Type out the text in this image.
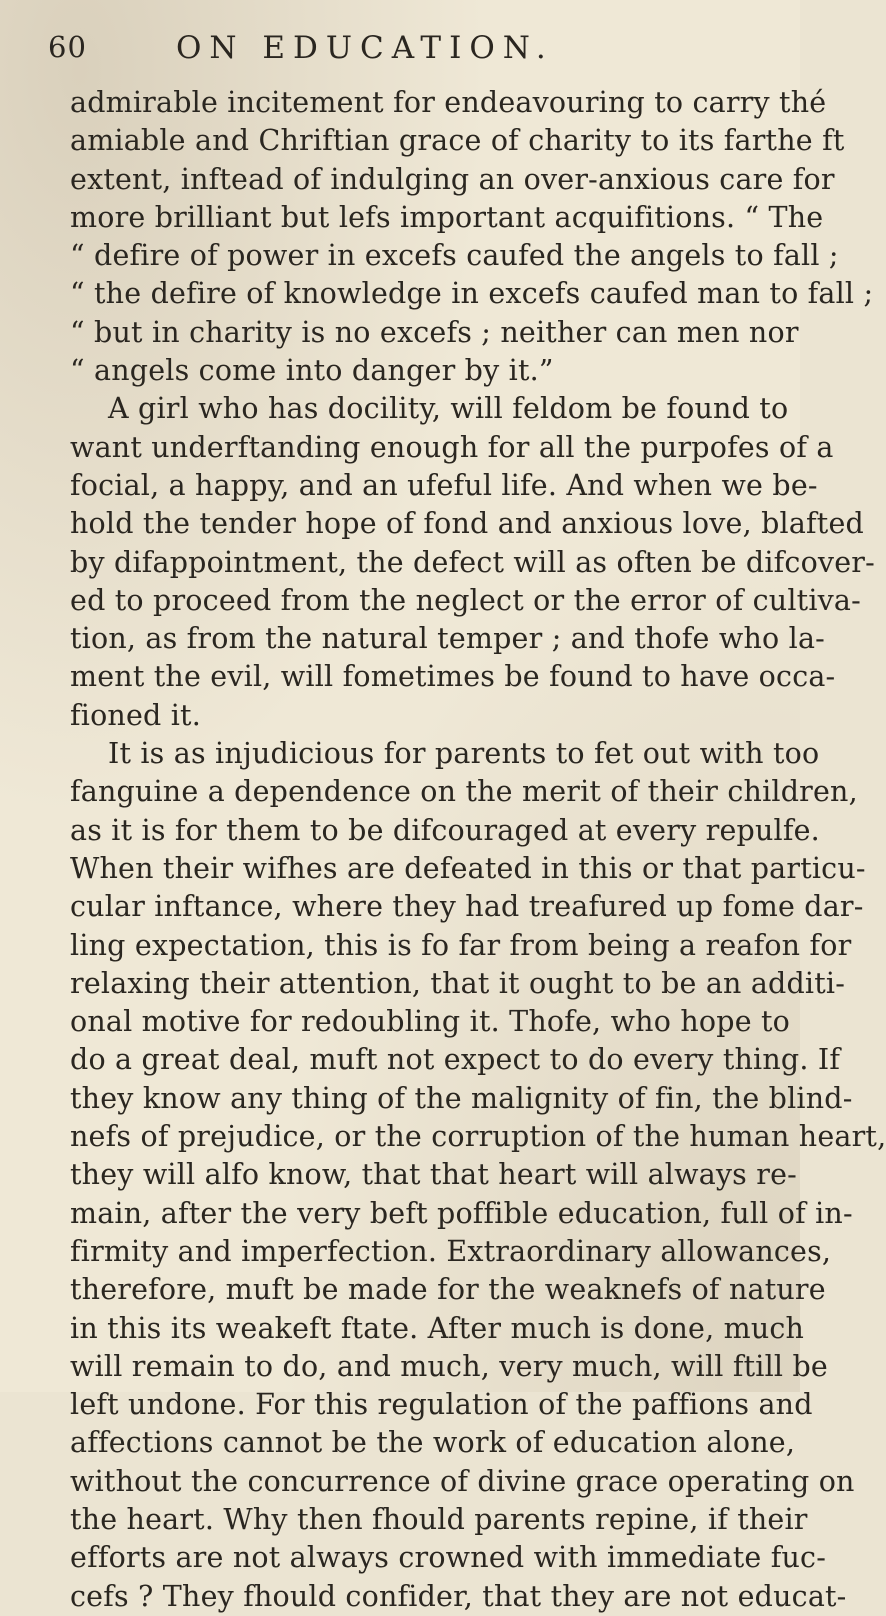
60	ON EDUCATION.
admirable incitement for endeavouring to carry thé
amiable and Chriftian grace of charity to its farthe ft
extent, inftead of indulging an over-anxious care for
more brilliant but lefs important acquifitions. “ The
“ defire of power in excefs caufed the angels to fall ;
“ the defire of knowledge in excefs caufed man to fall ;
“ but in charity is no excefs ; neither can men nor
“ angels come into danger by it.”
A girl who has docility, will feldom be found to
want underftanding enough for all the purpofes of a
focial, a happy, and an ufeful life. And when we be-
hold the tender hope of fond and anxious love, blafted
by difappointment, the defect will as often be difcover-
ed to proceed from the neglect or the error of cultiva-
tion, as from the natural temper ; and thofe who la-
ment the evil, will fometimes be found to have occa-
fioned it.
It is as injudicious for parents to fet out with too
fanguine a dependence on the merit of their children,
as it is for them to be difcouraged at every repulfe.
When their wifhes are defeated in this or that particu-
cular inftance, where they had treafured up fome dar-
ling expectation, this is fo far from being a reafon for
relaxing their attention, that it ought to be an additi-
onal motive for redoubling it. Thofe, who hope to
do a great deal, muft not expect to do every thing. If
they know any thing of the malignity of fin, the blind-
nefs of prejudice, or the corruption of the human heart,
they will alfo know, that that heart will always re-
main, after the very beft poffible education, full of in-
firmity and imperfection. Extraordinary allowances,
therefore, muft be made for the weaknefs of nature
in this its weakeft ftate. After much is done, much
will remain to do, and much, very much, will ftill be
left undone. For this regulation of the paffions and
affections cannot be the work of education alone,
without the concurrence of divine grace operating on
the heart. Why then fhould parents repine, if their
efforts are not always crowned with immediate fuc-
cefs ? They fhould confider, that they are not educat-
